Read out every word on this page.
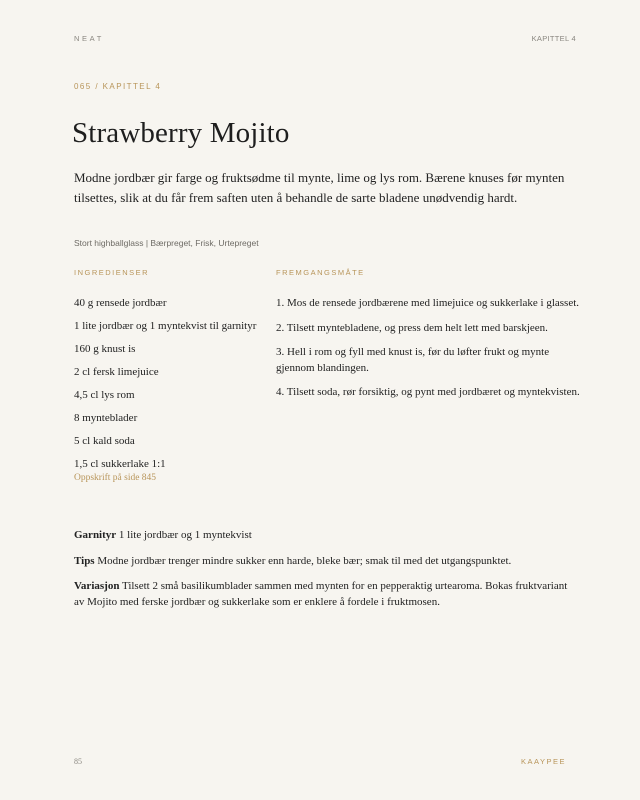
NEAT	KAPITTEL 4
065 / KAPITTEL 4
Strawberry Mojito

Modne jordbær gir farge og fruktsødme til mynte, lime og lys rom. Bærene knuses før mynten tilsettes, slik at du får frem saften uten å behandle de sarte bladene unødvendig hardt.

Stort highballglass | Bærpreget, Frisk, Urtepreget
INGREDIENSER	FREMGANGSMÅTE
40 g rensede jordbær
1 lite jordbær og 1 myntekvist til garnityr
160 g knust is
2 cl fersk limejuice
4,5 cl lys rom
8 mynteblader
5 cl kald soda
1,5 cl sukkerlake 1:1
Oppskrift på side 845
1. Mos de rensede jordbærene med limejuice og sukkerlake i glasset.
2. Tilsett myntebladene, og press dem helt lett med barskjeen.
3. Hell i rom og fyll med knust is, før du løfter frukt og mynte gjennom blandingen.
4. Tilsett soda, rør forsiktig, og pynt med jordbæret og myntekvisten.

Garnityr 1 lite jordbær og 1 myntekvist

Tips Modne jordbær trenger mindre sukker enn harde, bleke bær; smak til med det utgangspunktet.

Variasjon Tilsett 2 små basilikumblader sammen med mynten for en pepperaktig urtearoma. Bokas fruktvariant av Mojito med ferske jordbær og sukkerlake som er enklere å fordele i fruktmosen.

85	KAAYPEE
